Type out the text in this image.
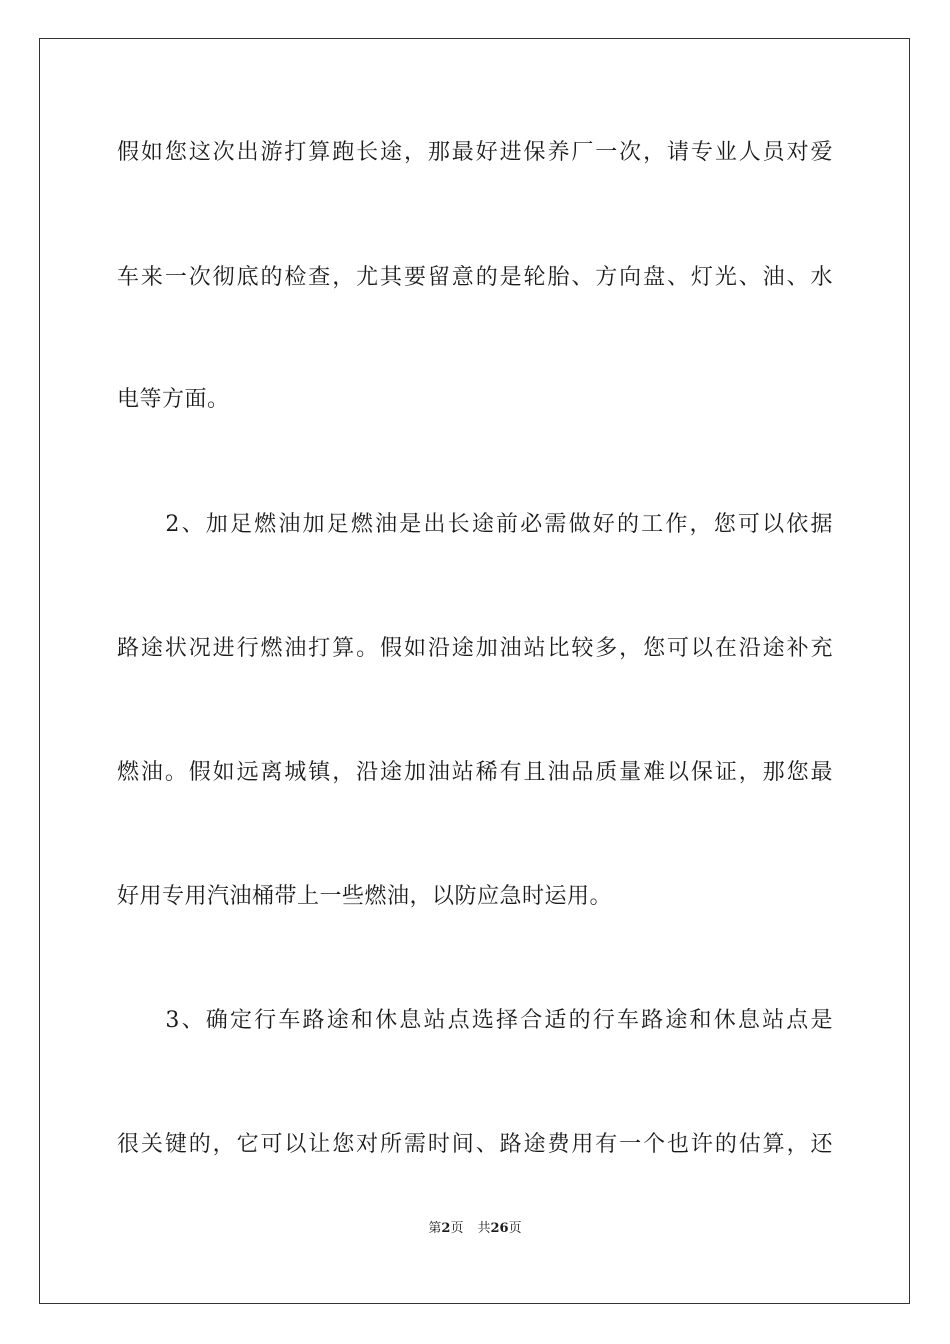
假如您这次出游打算跑长途，那最好进保养厂一次，请专业人员对爱
车来一次彻底的检查，尤其要留意的是轮胎、方向盘、灯光、油、水
电等方面。
　　2、加足燃油加足燃油是出长途前必需做好的工作，您可以依据
路途状况进行燃油打算。假如沿途加油站比较多，您可以在沿途补充
燃油。假如远离城镇，沿途加油站稀有且油品质量难以保证，那您最
好用专用汽油桶带上一些燃油，以防应急时运用。
　　3、确定行车路途和休息站点选择合适的行车路途和休息站点是
很关键的，它可以让您对所需时间、路途费用有一个也许的估算，还
第2页 共26页
